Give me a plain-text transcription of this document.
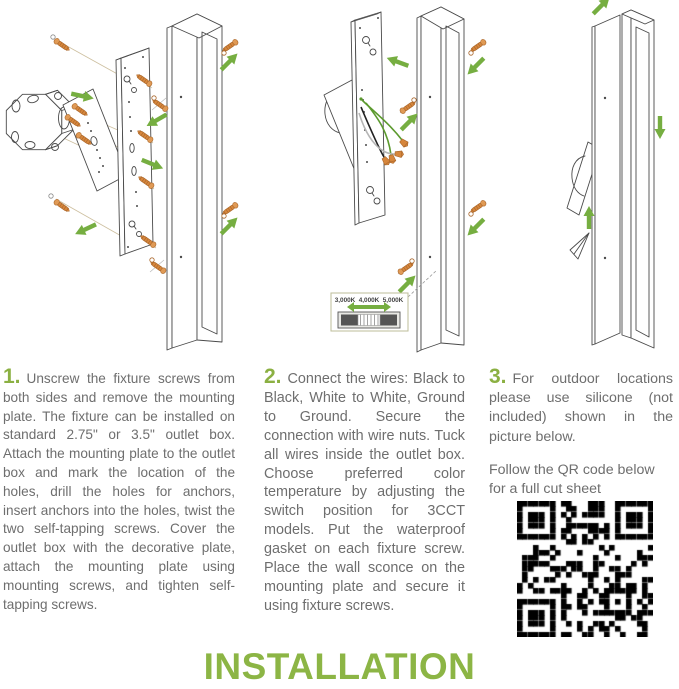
3,000K 4,000K 5,000K

1. Unscrew the fixture screws from both sides and remove the mounting plate. The fixture can be installed on standard 2.75" or 3.5" outlet box. Attach the mounting plate to the outlet box and mark the location of the holes, drill the holes for anchors, insert anchors into the holes, twist the two self-tapping screws. Cover the outlet box with the decorative plate, attach the mounting plate using mounting screws, and tighten self-tapping screws.

2. Connect the wires: Black to Black, White to White, Ground to Ground. Secure the connection with wire nuts. Tuck all wires inside the outlet box. Choose preferred color temperature by adjusting the switch position for 3CCT models. Put the waterproof gasket on each fixture screw. Place the wall sconce on the mounting plate and secure it using fixture screws.

3. For outdoor locations please use silicone (not included) shown in the picture below.

Follow the QR code below for a full cut sheet

INSTALLATION
